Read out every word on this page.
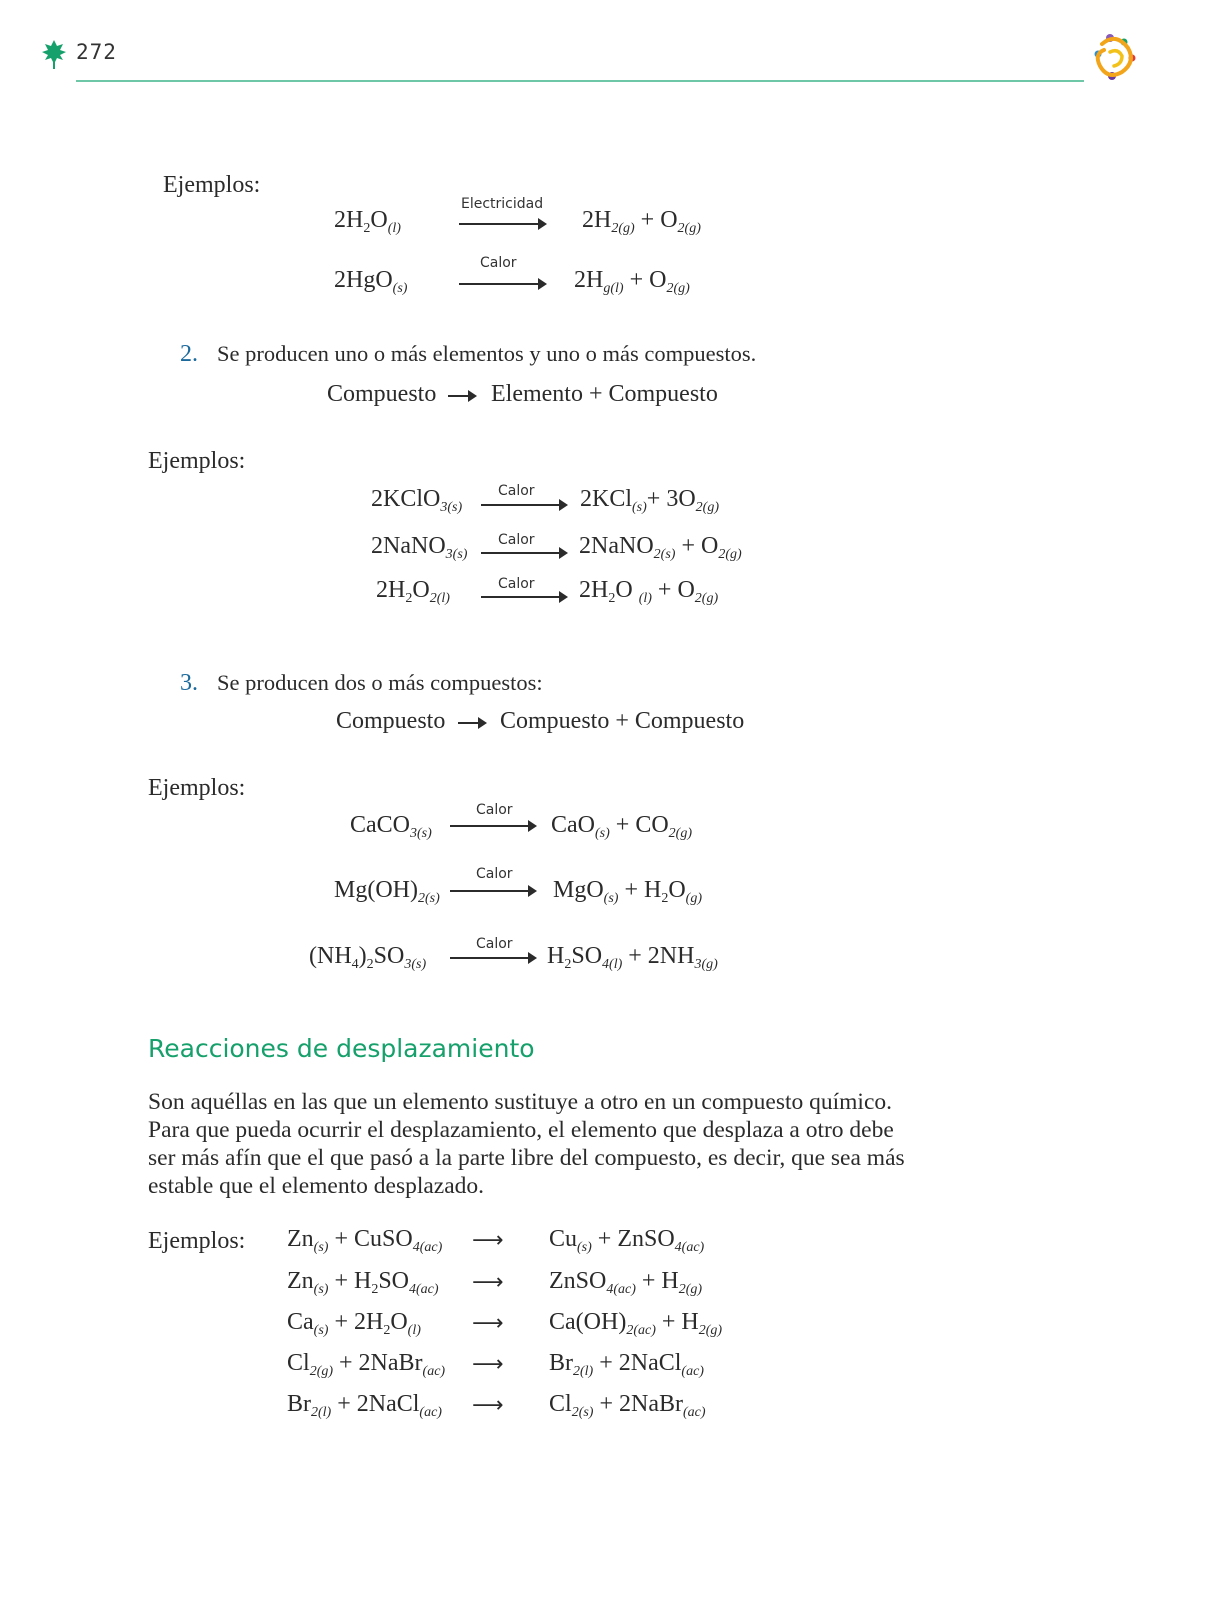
272
Ejemplos:
$2H_2O_{(l)}$
Electricidad
$2H_{2(g)} + O_{2(g)}$
2HgO$_{(s)}$
Calor
$2H_{g(l)} + O_{2(g)}$
2. Se producen uno o más elementos y uno o más compuestos.
Compuesto Elemento + Compuesto
Ejemplos:
2KClO$_{3(s)}$
Calor $2KCl_{(s)}+ 3O_{2(g)}$
2NaNO$_{3(s)}$
Calor 2NaNO$_{2(s)}$ + $O_{2(g)}$
$2H_2O_{2(l)}$
Calor $2H_2O$ $_{(l)} + O_{2(g)}$
3. Se producen dos o más compuestos:
Compuesto Compuesto + Compuesto
Ejemplos:
CaCO$_{3(s)}$
Calor
$CaO_{(s)} + CO_{2(g)}$
$Mg(OH)_{2(s)}$
Calor
$MgO_{(s)} + H_2O_{(g)}$
$(NH_4)_2SO_{3(s)}$
Calor $H_2SO_{4(l)} + 2NH_{3(g)}$
Reacciones de desplazamiento
Son aquéllas en las que un elemento sustituye a otro en un compuesto químico.
Para que pueda ocurrir el desplazamiento, el elemento que desplaza a otro debe
ser más afín que el que pasó a la parte libre del compuesto, es decir, que sea más
estable que el elemento desplazado.
Ejemplos: $Zn_{(s)}$ + CuSO$_{4(ac)}$ ⟶ $Cu_{(s)}$ + ZnSO$_{4(ac)}$
$Zn_{(s)} + H_2SO_{4(ac)}$ ⟶ ZnSO$_{4(ac)}$ + $H_{2(g)}$
$Ca_{(s)} + 2H_2O_{(l)}$ ⟶ $Ca(OH)_{2(ac)} + H_{2(g)}$
$Cl_{2(g)}$ + 2NaBr$_{(ac)}$ ⟶ $Br_{2(l)}$ + 2NaCl$_{(ac)}$
$Br_{2(l)}$ + 2NaCl$_{(ac)}$ ⟶ $Cl_{2(s)}$ + 2NaBr$_{(ac)}$
